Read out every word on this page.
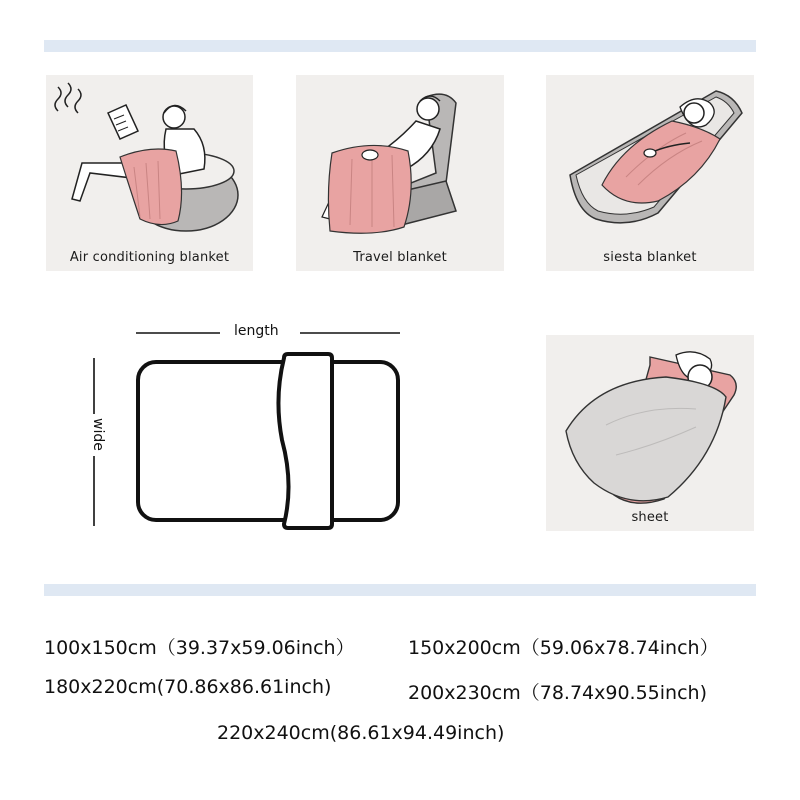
Air conditioning blanket	Travel blanket	siesta blanket
length
wide
sheet
100x150cm（39.37x59.06inch）	150x200cm（59.06x78.74inch）
180x220cm(70.86x86.61inch)	200x230cm（78.74x90.55inch)
220x240cm(86.61x94.49inch)
